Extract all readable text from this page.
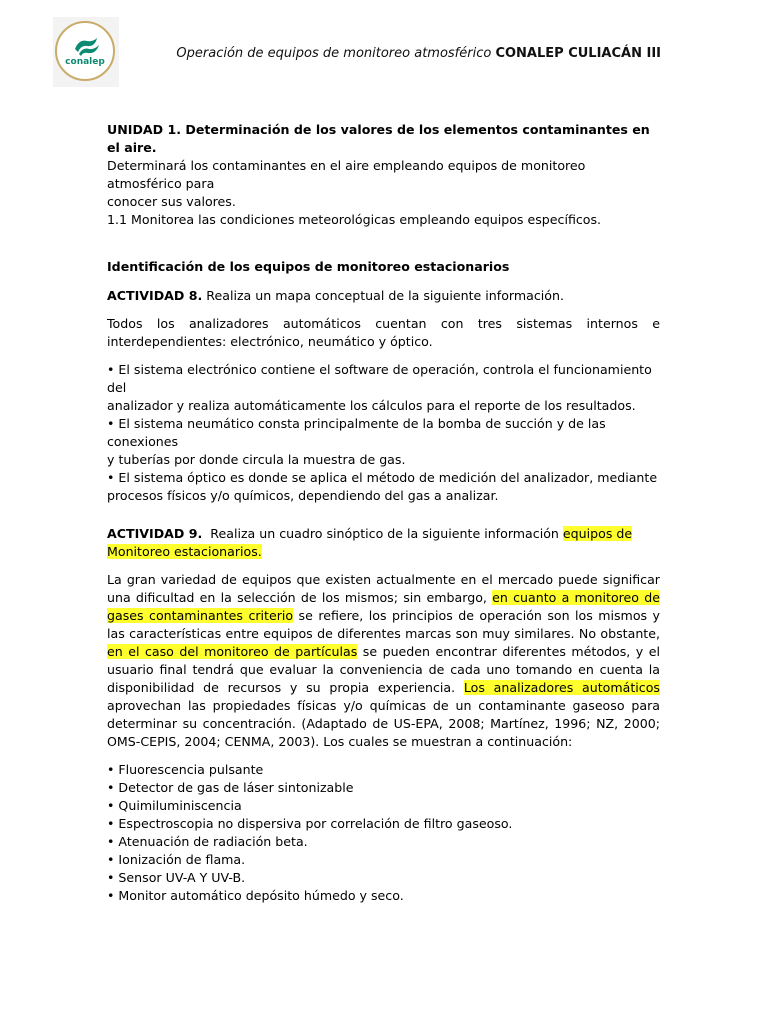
conalep
Operación de equipos de monitoreo atmosférico CONALEP CULIACÁN III

UNIDAD 1. Determinación de los valores de los elementos contaminantes en el aire.

Determinará los contaminantes en el aire empleando equipos de monitoreo atmosférico para

conocer sus valores.

1.1 Monitorea las condiciones meteorológicas empleando equipos específicos.

Identificación de los equipos de monitoreo estacionarios

ACTIVIDAD 8. Realiza un mapa conceptual de la siguiente información.

Todos los analizadores automáticos cuentan con tres sistemas internos e interdependientes: electrónico, neumático y óptico.

• El sistema electrónico contiene el software de operación, controla el funcionamiento del

analizador y realiza automáticamente los cálculos para el reporte de los resultados.

• El sistema neumático consta principalmente de la bomba de succión y de las conexiones

y tuberías por donde circula la muestra de gas.

• El sistema óptico es donde se aplica el método de medición del analizador, mediante

procesos físicos y/o químicos, dependiendo del gas a analizar.

ACTIVIDAD 9.  Realiza un cuadro sinóptico de la siguiente información equipos de Monitoreo estacionarios.

La gran variedad de equipos que existen actualmente en el mercado puede significar una dificultad en la selección de los mismos; sin embargo, en cuanto a monitoreo de gases contaminantes criterio se refiere, los principios de operación son los mismos y las características entre equipos de diferentes marcas son muy similares. No obstante, en el caso del monitoreo de partículas se pueden encontrar diferentes métodos, y el usuario final tendrá que evaluar la conveniencia de cada uno tomando en cuenta la disponibilidad de recursos y su propia experiencia. Los analizadores automáticos aprovechan las propiedades físicas y/o químicas de un contaminante gaseoso para determinar su concentración. (Adaptado de US-EPA, 2008; Martínez, 1996; NZ, 2000; OMS-CEPIS, 2004; CENMA, 2003). Los cuales se muestran a continuación:

• Fluorescencia pulsante

• Detector de gas de láser sintonizable

• Quimiluminiscencia

• Espectroscopia no dispersiva por correlación de filtro gaseoso.

• Atenuación de radiación beta.

• Ionización de flama.

• Sensor UV-A Y UV-B.

• Monitor automático depósito húmedo y seco.
